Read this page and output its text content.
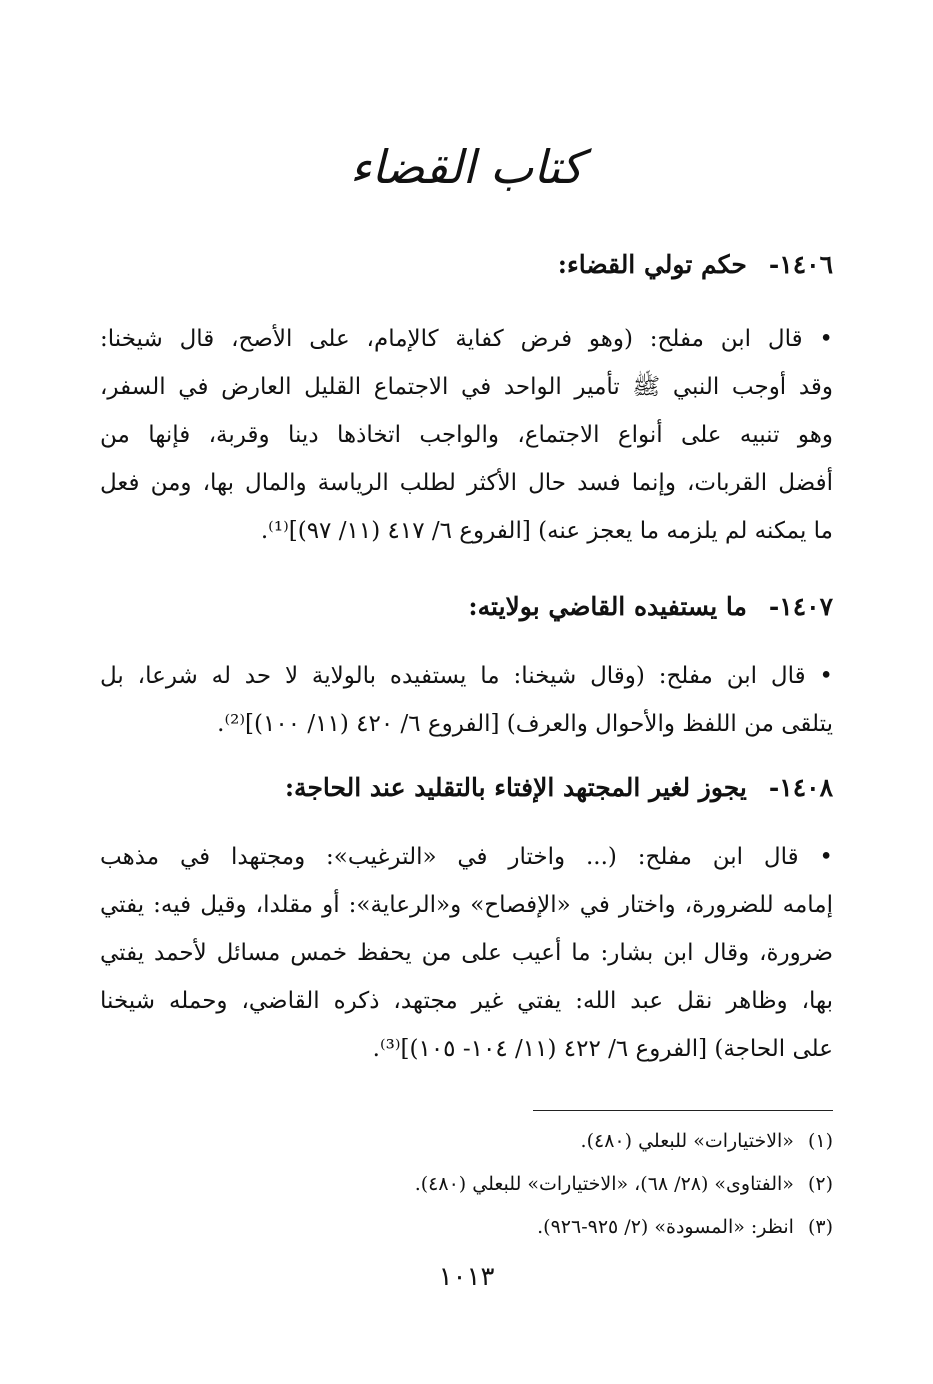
كتاب القضاء
١٤٠٦-حكم تولي القضاء:
• قال ابن مفلح: (وهو فرض كفاية كالإمام، على الأصح، قال شيخنا:
وقد أوجب النبي ﷺ تأمير الواحد في الاجتماع القليل العارض في السفر،
وهو تنبيه على أنواع الاجتماع، والواجب اتخاذها دينا وقربة، فإنها من
أفضل القربات، وإنما فسد حال الأكثر لطلب الرياسة والمال بها، ومن فعل
ما يمكنه لم يلزمه ما يعجز عنه) [الفروع ٦/ ٤١٧ (١١/ ٩٧)]⁽¹⁾.
١٤٠٧-ما يستفيده القاضي بولايته:
• قال ابن مفلح: (وقال شيخنا: ما يستفيده بالولاية لا حد له شرعا، بل
يتلقى من اللفظ والأحوال والعرف) [الفروع ٦/ ٤٢٠ (١١/ ١٠٠)]⁽²⁾.
١٤٠٨-يجوز لغير المجتهد الإفتاء بالتقليد عند الحاجة:
• قال ابن مفلح: (... واختار في «الترغيب»: ومجتهدا في مذهب
إمامه للضرورة، واختار في «الإفصاح» و«الرعاية»: أو مقلدا، وقيل فيه: يفتي
ضرورة، وقال ابن بشار: ما أعيب على من يحفظ خمس مسائل لأحمد يفتي
بها، وظاهر نقل عبد الله: يفتي غير مجتهد، ذكره القاضي، وحمله شيخنا
على الحاجة) [الفروع ٦/ ٤٢٢ (١١/ ١٠٤- ١٠٥)]⁽³⁾.
(١)«الاختيارات» للبعلي (٤٨٠).
(٢)«الفتاوى» (٢٨/ ٦٨)، «الاختيارات» للبعلي (٤٨٠).
(٣)انظر: «المسودة» (٢/ ٩٢٥-٩٢٦).
١٠١٣
